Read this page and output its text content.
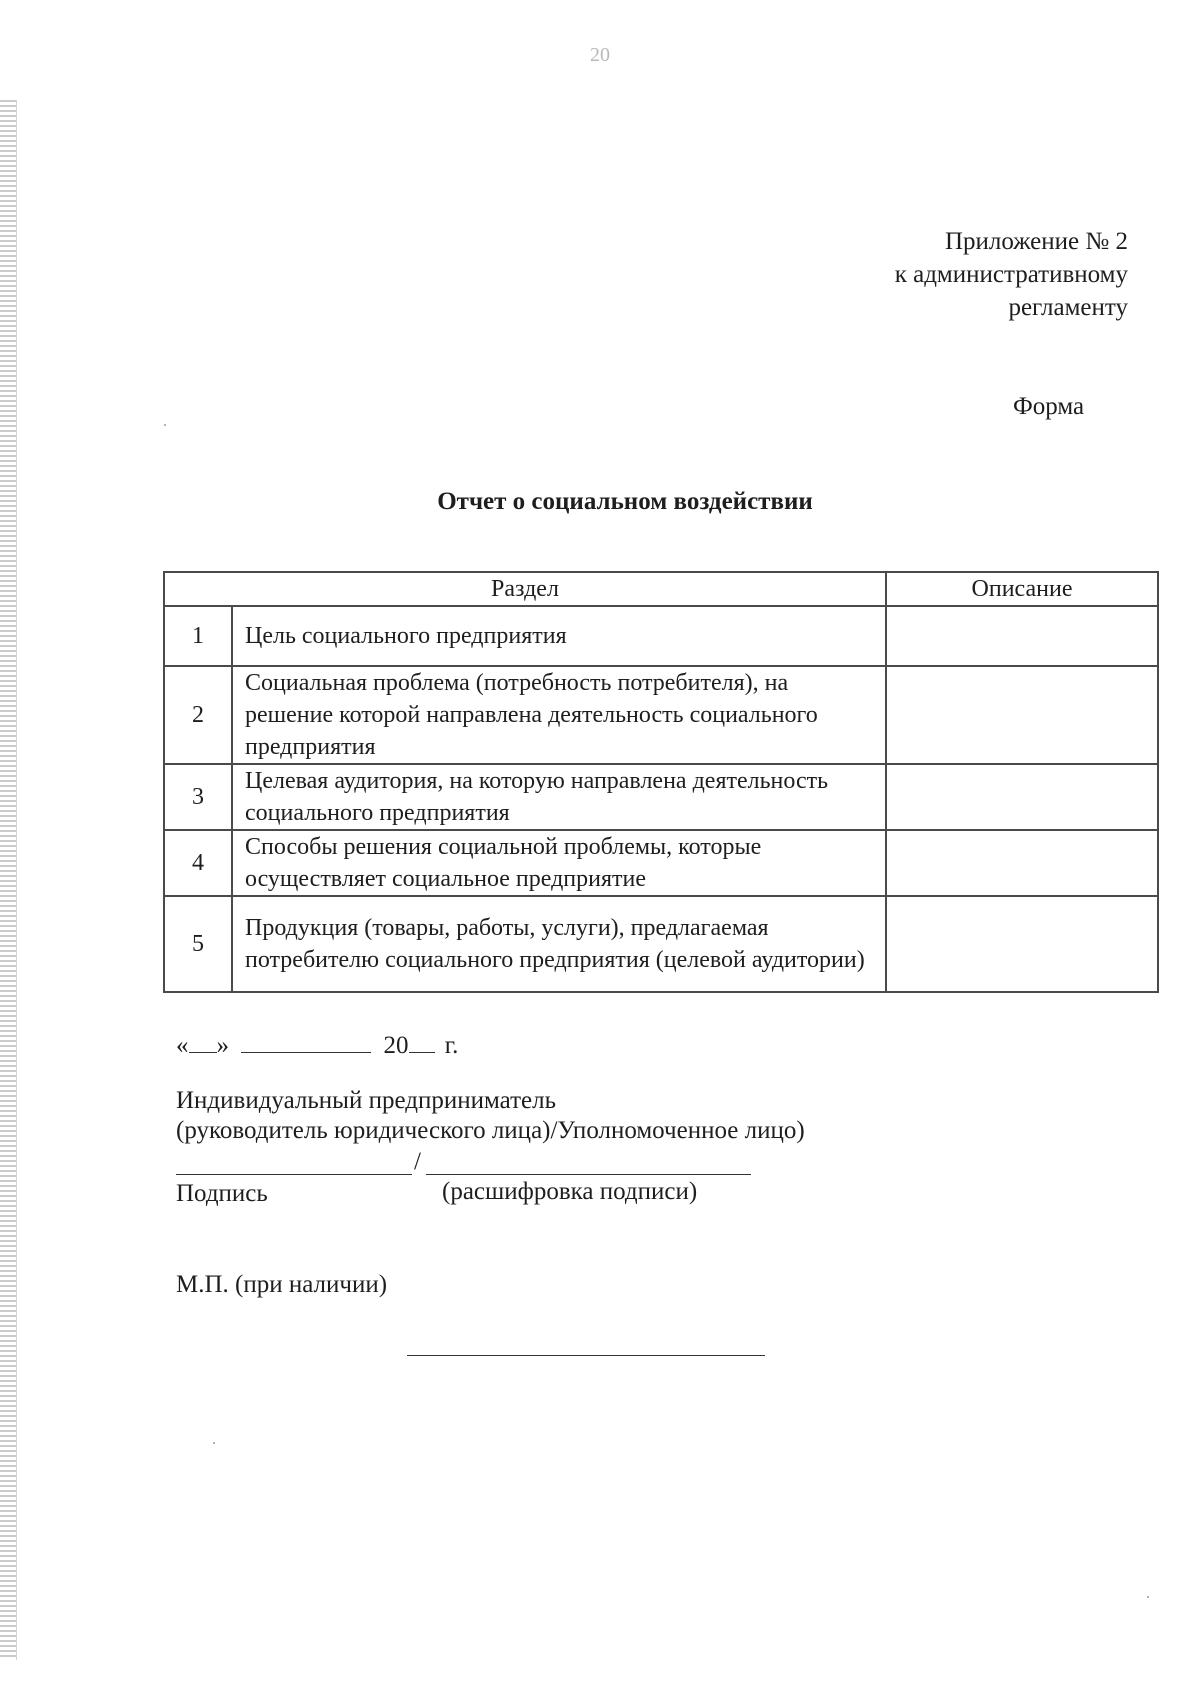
20
Приложение № 2
к административному
регламенту
Форма
Отчет о социальном воздействии
Раздел		Описание
1	Цель социального предприятия	
2	Социальная проблема (потребность потребителя), на решение которой направлена деятельность социального предприятия	
3	Целевая аудитория, на которую направлена деятельность социального предприятия	
4	Способы решения социальной проблемы, которые осуществляет социальное предприятие	
5	Продукция (товары, работы, услуги), предлагаемая потребителю социального предприятия (целевой аудитории)	
« »	20 г.
Индивидуальный предприниматель
(руководитель юридического лица)/Уполномоченное лицо)
/
Подпись	(расшифровка подписи)
М.П. (при наличии)
